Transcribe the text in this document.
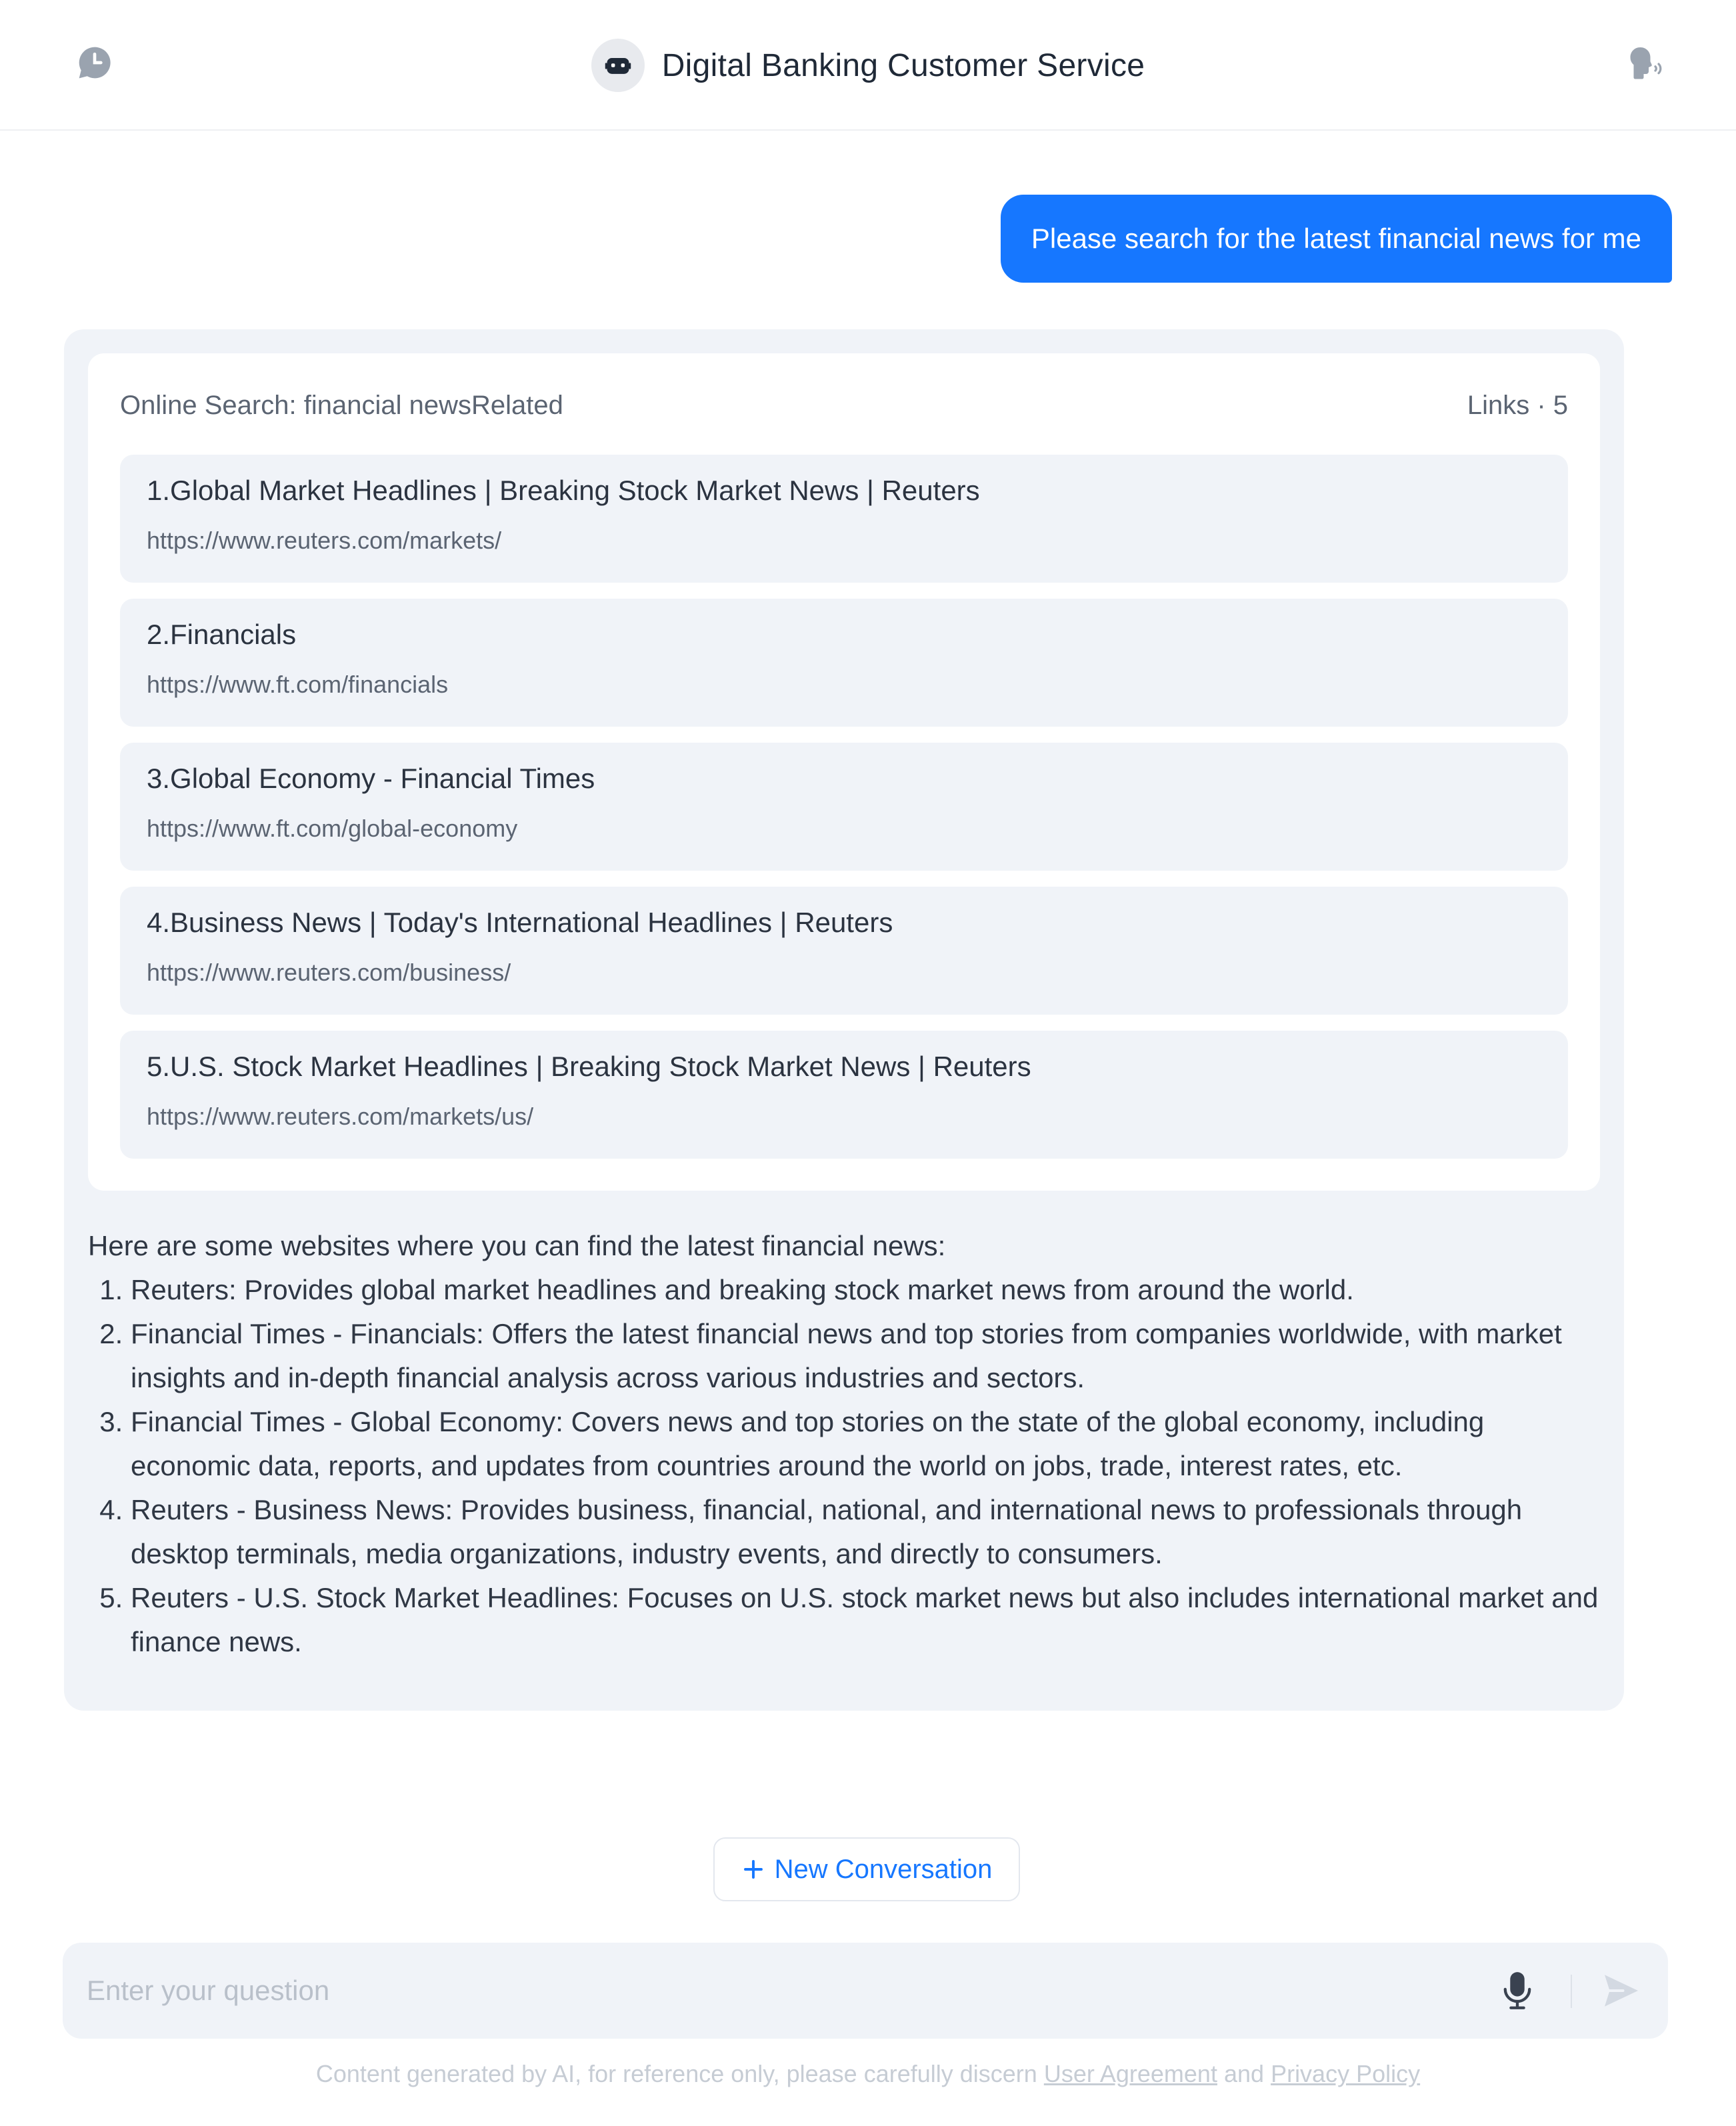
Digital Banking Customer Service
Please search for the latest financial news for me
Online Search: financial newsRelated	Links · 5
1.Global Market Headlines | Breaking Stock Market News | Reuters
https://www.reuters.com/markets/
2.Financials
https://www.ft.com/financials
3.Global Economy - Financial Times
https://www.ft.com/global-economy
4.Business News | Today's International Headlines | Reuters
https://www.reuters.com/business/
5.U.S. Stock Market Headlines | Breaking Stock Market News | Reuters
https://www.reuters.com/markets/us/
Here are some websites where you can find the latest financial news:
1. Reuters: Provides global market headlines and breaking stock market news from around the world.
2. Financial Times - Financials: Offers the latest financial news and top stories from companies worldwide, with market insights and in-depth financial analysis across various industries and sectors.
3. Financial Times - Global Economy: Covers news and top stories on the state of the global economy, including economic data, reports, and updates from countries around the world on jobs, trade, interest rates, etc.
4. Reuters - Business News: Provides business, financial, national, and international news to professionals through desktop terminals, media organizations, industry events, and directly to consumers.
5. Reuters - U.S. Stock Market Headlines: Focuses on U.S. stock market news but also includes international market and finance news.
New Conversation
Enter your question
Content generated by AI, for reference only, please carefully discern User Agreement and Privacy Policy
